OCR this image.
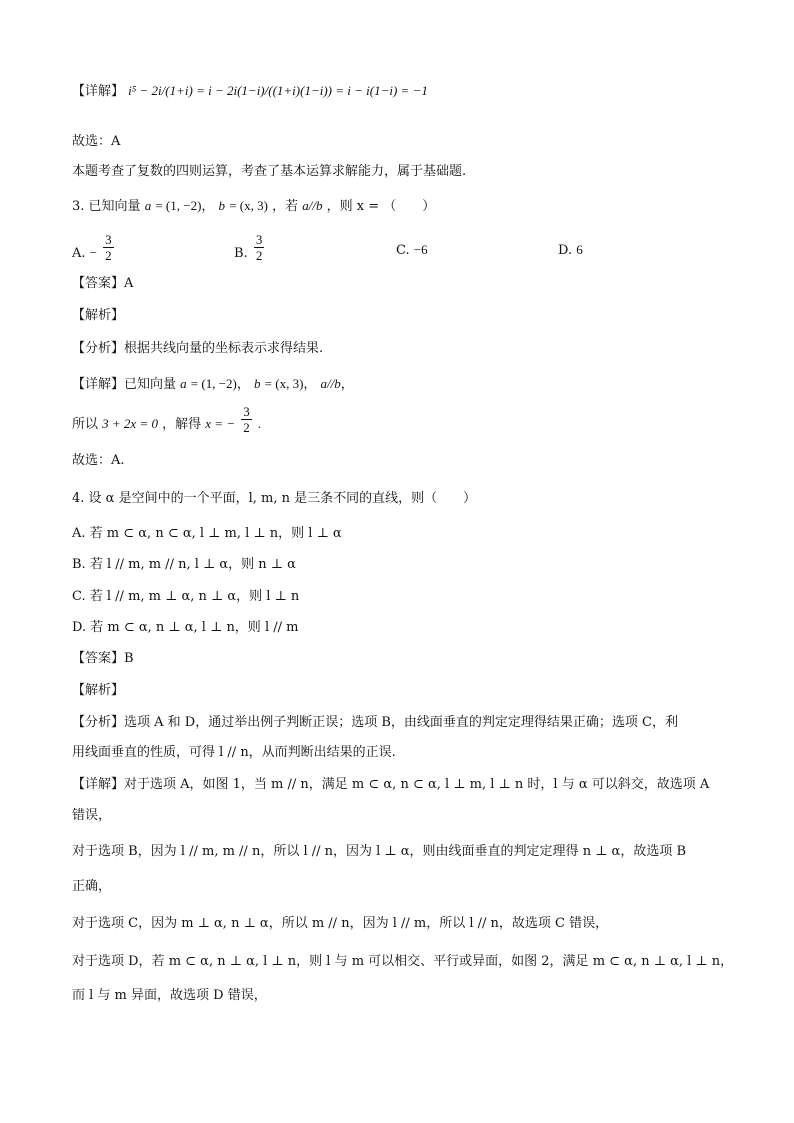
【详解】 i⁵ − 2i/(1+i) = i − 2i(1−i)/((1+i)(1−i)) = i − i(1−i) = −1
故选：A
本题考查了复数的四则运算，考查了基本运算求解能力，属于基础题.
3. 已知向量 a = (1, −2)， b = (x, 3) ，若 a//b ，则 x = （　　）
A. − $\frac{3}{2}$	B. $\frac{3}{2}$	C. −6	D. 6
【答案】A
【解析】
【分析】根据共线向量的坐标表示求得结果.
【详解】已知向量 a = (1, −2)， b = (x, 3)， a//b，
所以 3 + 2x = 0 ，解得 x = − $\frac{3}{2}$ .
故选：A.
4. 设 α 是空间中的一个平面，l, m, n 是三条不同的直线，则（　　）
A. 若 m ⊂ α, n ⊂ α, l ⊥ m, l ⊥ n，则 l ⊥ α
B. 若 l // m, m // n, l ⊥ α，则 n ⊥ α
C. 若 l // m, m ⊥ α, n ⊥ α，则 l ⊥ n
D. 若 m ⊂ α, n ⊥ α, l ⊥ n，则 l // m
【答案】B
【解析】
【分析】选项 A 和 D，通过举出例子判断正误；选项 B，由线面垂直的判定定理得结果正确；选项 C，利
用线面垂直的性质，可得 l // n，从而判断出结果的正误.
【详解】对于选项 A，如图 1，当 m // n，满足 m ⊂ α, n ⊂ α, l ⊥ m, l ⊥ n 时，l 与 α 可以斜交，故选项 A
错误，
对于选项 B，因为 l // m, m // n，所以 l // n，因为 l ⊥ α，则由线面垂直的判定定理得 n ⊥ α，故选项 B
正确，
对于选项 C，因为 m ⊥ α, n ⊥ α，所以 m // n，因为 l // m，所以 l // n，故选项 C 错误，
对于选项 D，若 m ⊂ α, n ⊥ α, l ⊥ n，则 l 与 m 可以相交、平行或异面，如图 2，满足 m ⊂ α, n ⊥ α, l ⊥ n，
而 l 与 m 异面，故选项 D 错误，
